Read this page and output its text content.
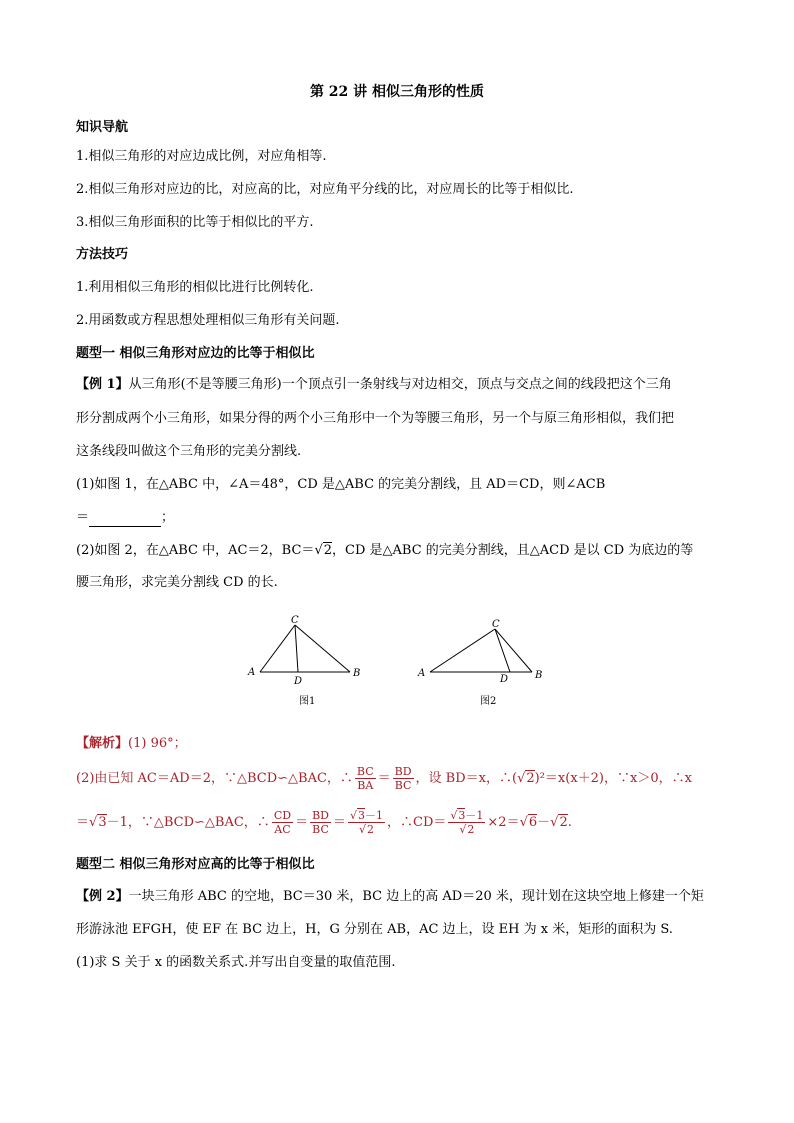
第 22 讲 相似三角形的性质
知识导航
1.相似三角形的对应边成比例，对应角相等.
2.相似三角形对应边的比，对应高的比，对应角平分线的比，对应周长的比等于相似比.
3.相似三角形面积的比等于相似比的平方.
方法技巧
1.利用相似三角形的相似比进行比例转化.
2.用函数或方程思想处理相似三角形有关问题.
题型一 相似三角形对应边的比等于相似比
【例 1】从三角形(不是等腰三角形)一个顶点引一条射线与对边相交，顶点与交点之间的线段把这个三角
形分割成两个小三角形，如果分得的两个小三角形中一个为等腰三角形，另一个与原三角形相似，我们把
这条线段叫做这个三角形的完美分割线.
(1)如图 1，在△ABC 中，∠A＝48°，CD 是△ABC 的完美分割线，且 AD＝CD，则∠ACB
＝	；
(2)如图 2，在△ABC 中，AC＝2，BC＝√2，CD 是△ABC 的完美分割线，且△ACD 是以 CD 为底边的等
腰三角形，求完美分割线 CD 的长.
C
A
D
B
图1
C
A
D	B
图2
【解析】(1) 96°；
(2)由已知 AC＝AD＝2，∵△BCD∽△BAC，∴ $\frac{BC}{BA} = \frac{BD}{BC}$ ，设 BD＝x，∴(√2)²＝x(x＋2)，∵x＞0，∴x
＝√3－1，∵△BCD∽△BAC，∴ $\frac{CD}{AC} = \frac{BD}{BC} = \frac{√3-1}{√2}$ ，∴CD＝ $\frac{√3-1}{√2} \times 2=√6-√2$.
题型二 相似三角形对应高的比等于相似比
【例 2】一块三角形 ABC 的空地，BC＝30 米，BC 边上的高 AD＝20 米，现计划在这块空地上修建一个矩
形游泳池 EFGH，使 EF 在 BC 边上，H，G 分别在 AB，AC 边上，设 EH 为 x 米，矩形的面积为 S.
(1)求 S 关于 x 的函数关系式.并写出自变量的取值范围.
